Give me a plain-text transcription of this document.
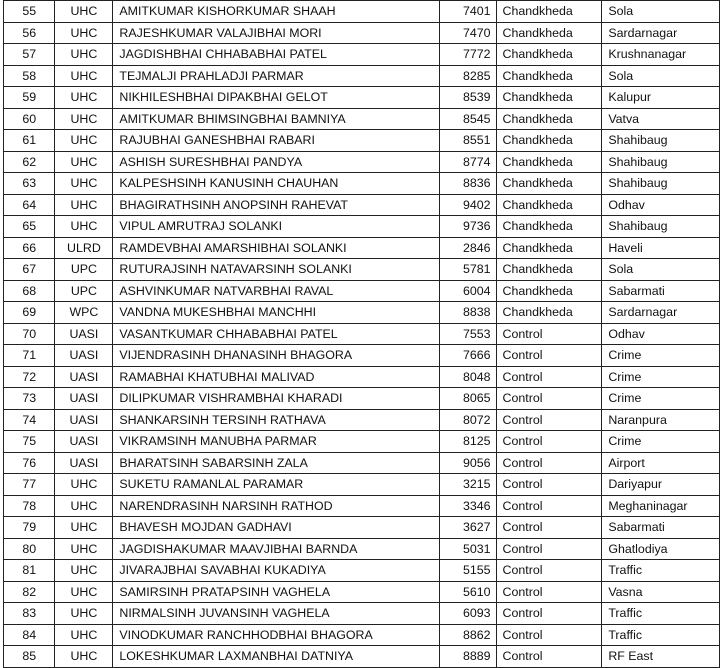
55	UHC	AMITKUMAR KISHORKUMAR SHAAH	7401	Chandkheda	Sola
56	UHC	RAJESHKUMAR VALAJIBHAI MORI	7470	Chandkheda	Sardarnagar
57	UHC	JAGDISHBHAI CHHABABHAI PATEL	7772	Chandkheda	Krushnanagar
58	UHC	TEJMALJI PRAHLADJI PARMAR	8285	Chandkheda	Sola
59	UHC	NIKHILESHBHAI DIPAKBHAI GELOT	8539	Chandkheda	Kalupur
60	UHC	AMITKUMAR BHIMSINGBHAI BAMNIYA	8545	Chandkheda	Vatva
61	UHC	RAJUBHAI GANESHBHAI RABARI	8551	Chandkheda	Shahibaug
62	UHC	ASHISH SURESHBHAI PANDYA	8774	Chandkheda	Shahibaug
63	UHC	KALPESHSINH KANUSINH CHAUHAN	8836	Chandkheda	Shahibaug
64	UHC	BHAGIRATHSINH ANOPSINH RAHEVAT	9402	Chandkheda	Odhav
65	UHC	VIPUL AMRUTRAJ SOLANKI	9736	Chandkheda	Shahibaug
66	ULRD	RAMDEVBHAI AMARSHIBHAI SOLANKI	2846	Chandkheda	Haveli
67	UPC	RUTURAJSINH NATAVARSINH SOLANKI	5781	Chandkheda	Sola
68	UPC	ASHVINKUMAR NATVARBHAI RAVAL	6004	Chandkheda	Sabarmati
69	WPC	VANDNA MUKESHBHAI MANCHHI	8838	Chandkheda	Sardarnagar
70	UASI	VASANTKUMAR CHHABABHAI PATEL	7553	Control	Odhav
71	UASI	VIJENDRASINH DHANASINH BHAGORA	7666	Control	Crime
72	UASI	RAMABHAI KHATUBHAI MALIVAD	8048	Control	Crime
73	UASI	DILIPKUMAR VISHRAMBHAI KHARADI	8065	Control	Crime
74	UASI	SHANKARSINH TERSINH RATHAVA	8072	Control	Naranpura
75	UASI	VIKRAMSINH MANUBHA PARMAR	8125	Control	Crime
76	UASI	BHARATSINH SABARSINH ZALA	9056	Control	Airport
77	UHC	SUKETU RAMANLAL PARAMAR	3215	Control	Dariyapur
78	UHC	NARENDRASINH NARSINH RATHOD	3346	Control	Meghaninagar
79	UHC	BHAVESH MOJDAN GADHAVI	3627	Control	Sabarmati
80	UHC	JAGDISHAKUMAR MAAVJIBHAI BARNDA	5031	Control	Ghatlodiya
81	UHC	JIVARAJBHAI SAVABHAI KUKADIYA	5155	Control	Traffic
82	UHC	SAMIRSINH PRATAPSINH VAGHELA	5610	Control	Vasna
83	UHC	NIRMALSINH JUVANSINH VAGHELA	6093	Control	Traffic
84	UHC	VINODKUMAR RANCHHODBHAI BHAGORA	8862	Control	Traffic
85	UHC	LOKESHKUMAR LAXMANBHAI DATNIYA	8889	Control	RF East
